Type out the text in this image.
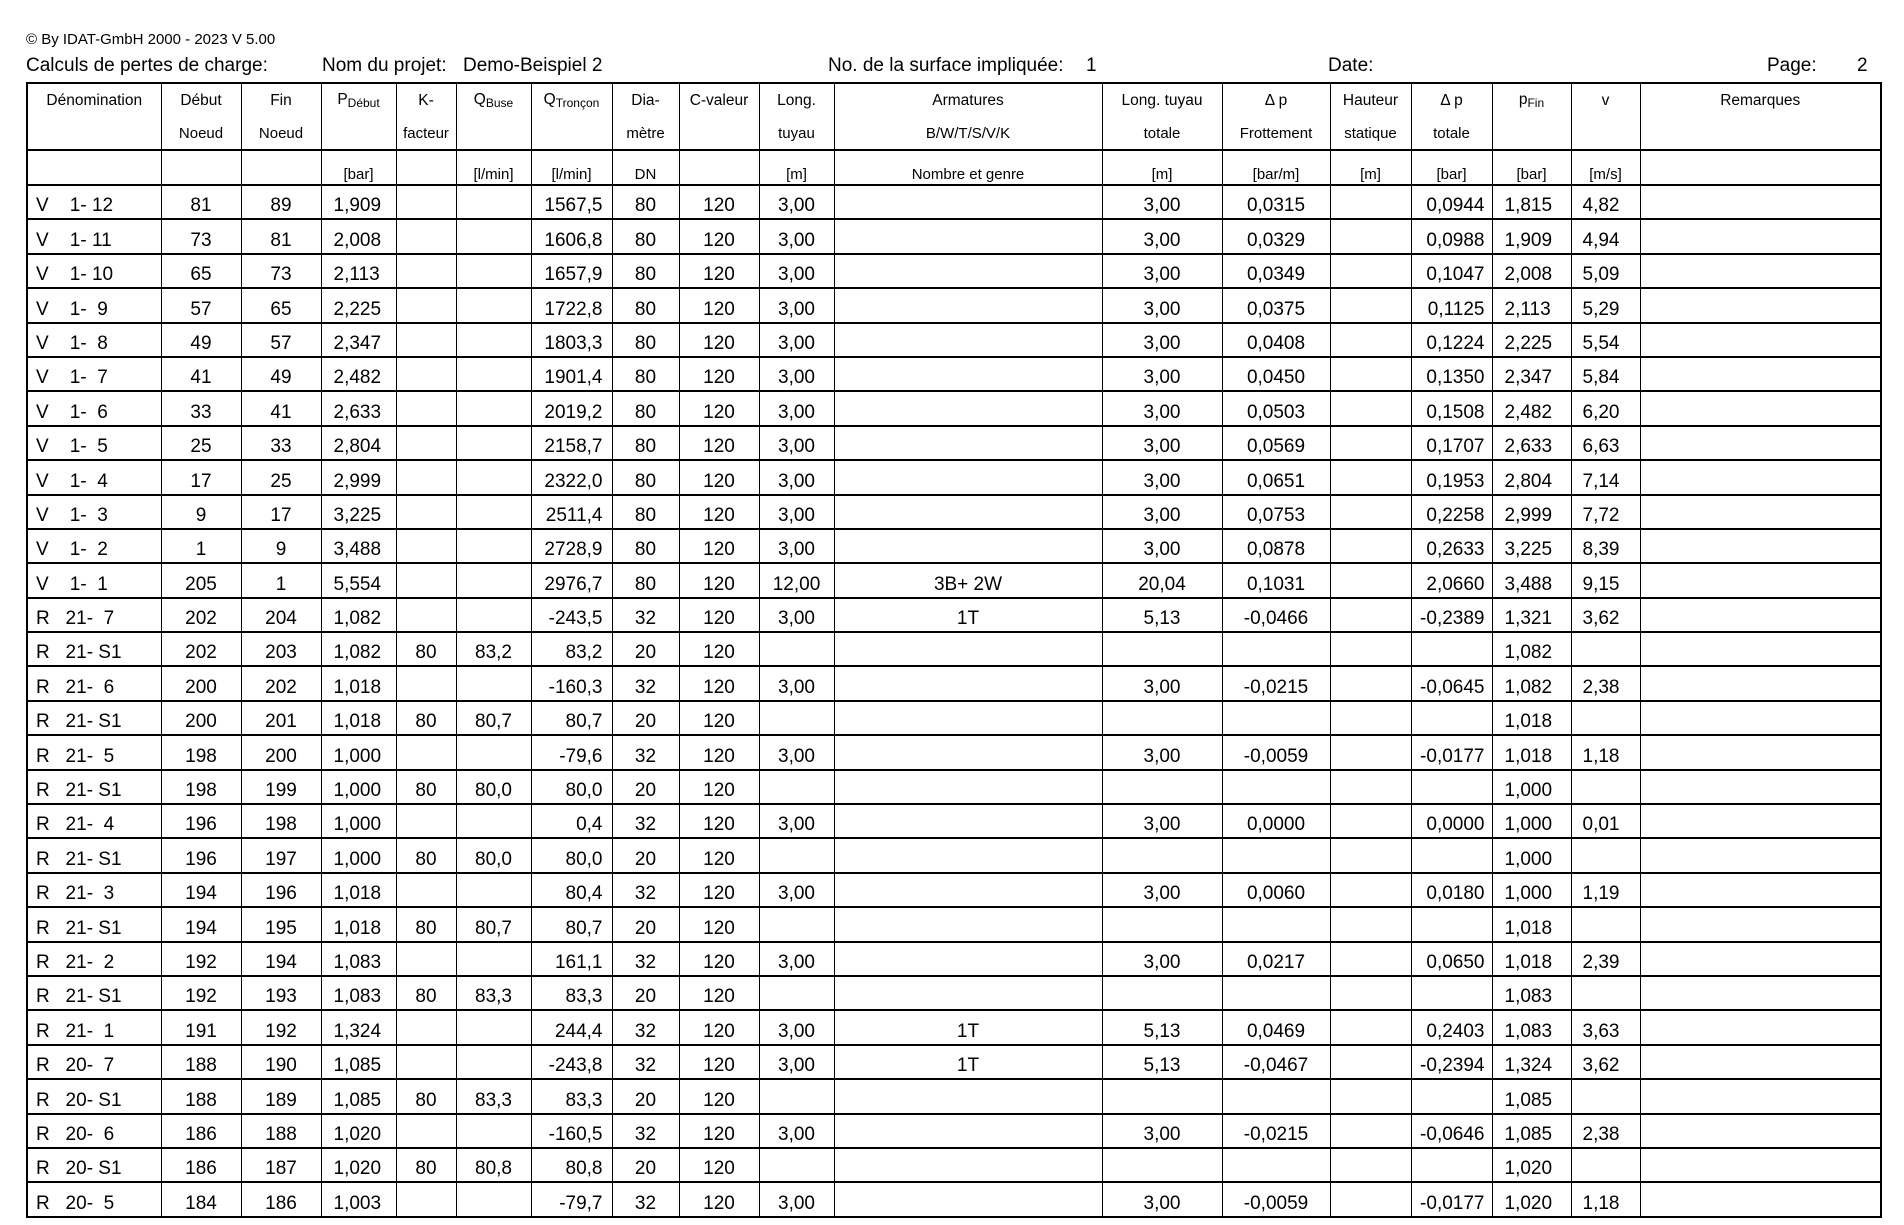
© By IDAT-GmbH 2000 - 2023 V 5.00
Calculs de pertes de charge:	Nom du projet: Demo-Beispiel 2	No. de la surface impliquée: 1	Date:	Page: 2
Dénomination	Début	Fin	$P_{Début}$	K-	$Q_{Buse}$	$Q_{Tronçon}$	Dia-	C-valeur	Long.	Armatures	Long. tuyau	Δ p	Hauteur	Δ p	$p_{Fin}$	v	Remarques
	Noeud	Noeud		facteur			mètre		tuyau	B/W/T/S/V/K	totale	Frottement	statique	totale			
			[bar]		[l/min]	[l/min]	DN		[m]	Nombre et genre	[m]	[bar/m]	[m]	[bar]	[bar]	[m/s]	
V    1- 12	81	89	1,909			1567,5	80	120	3,00		3,00	0,0315		0,0944	1,815	4,82	
V    1- 11	73	81	2,008			1606,8	80	120	3,00		3,00	0,0329		0,0988	1,909	4,94	
V    1- 10	65	73	2,113			1657,9	80	120	3,00		3,00	0,0349		0,1047	2,008	5,09	
V    1-  9	57	65	2,225			1722,8	80	120	3,00		3,00	0,0375		0,1125	2,113	5,29	
V    1-  8	49	57	2,347			1803,3	80	120	3,00		3,00	0,0408		0,1224	2,225	5,54	
V    1-  7	41	49	2,482			1901,4	80	120	3,00		3,00	0,0450		0,1350	2,347	5,84	
V    1-  6	33	41	2,633			2019,2	80	120	3,00		3,00	0,0503		0,1508	2,482	6,20	
V    1-  5	25	33	2,804			2158,7	80	120	3,00		3,00	0,0569		0,1707	2,633	6,63	
V    1-  4	17	25	2,999			2322,0	80	120	3,00		3,00	0,0651		0,1953	2,804	7,14	
V    1-  3	9	17	3,225			2511,4	80	120	3,00		3,00	0,0753		0,2258	2,999	7,72	
V    1-  2	1	9	3,488			2728,9	80	120	3,00		3,00	0,0878		0,2633	3,225	8,39	
V    1-  1	205	1	5,554			2976,7	80	120	12,00	3B+ 2W	20,04	0,1031		2,0660	3,488	9,15	
R   21-  7	202	204	1,082			-243,5	32	120	3,00	1T	5,13	-0,0466		-0,2389	1,321	3,62	
R   21- S1	202	203	1,082	80	83,2	83,2	20	120							1,082		
R   21-  6	200	202	1,018			-160,3	32	120	3,00		3,00	-0,0215		-0,0645	1,082	2,38	
R   21- S1	200	201	1,018	80	80,7	80,7	20	120							1,018		
R   21-  5	198	200	1,000			-79,6	32	120	3,00		3,00	-0,0059		-0,0177	1,018	1,18	
R   21- S1	198	199	1,000	80	80,0	80,0	20	120							1,000		
R   21-  4	196	198	1,000			0,4	32	120	3,00		3,00	0,0000		0,0000	1,000	0,01	
R   21- S1	196	197	1,000	80	80,0	80,0	20	120							1,000		
R   21-  3	194	196	1,018			80,4	32	120	3,00		3,00	0,0060		0,0180	1,000	1,19	
R   21- S1	194	195	1,018	80	80,7	80,7	20	120							1,018		
R   21-  2	192	194	1,083			161,1	32	120	3,00		3,00	0,0217		0,0650	1,018	2,39	
R   21- S1	192	193	1,083	80	83,3	83,3	20	120							1,083		
R   21-  1	191	192	1,324			244,4	32	120	3,00	1T	5,13	0,0469		0,2403	1,083	3,63	
R   20-  7	188	190	1,085			-243,8	32	120	3,00	1T	5,13	-0,0467		-0,2394	1,324	3,62	
R   20- S1	188	189	1,085	80	83,3	83,3	20	120							1,085		
R   20-  6	186	188	1,020			-160,5	32	120	3,00		3,00	-0,0215		-0,0646	1,085	2,38	
R   20- S1	186	187	1,020	80	80,8	80,8	20	120							1,020		
R   20-  5	184	186	1,003			-79,7	32	120	3,00		3,00	-0,0059		-0,0177	1,020	1,18	
